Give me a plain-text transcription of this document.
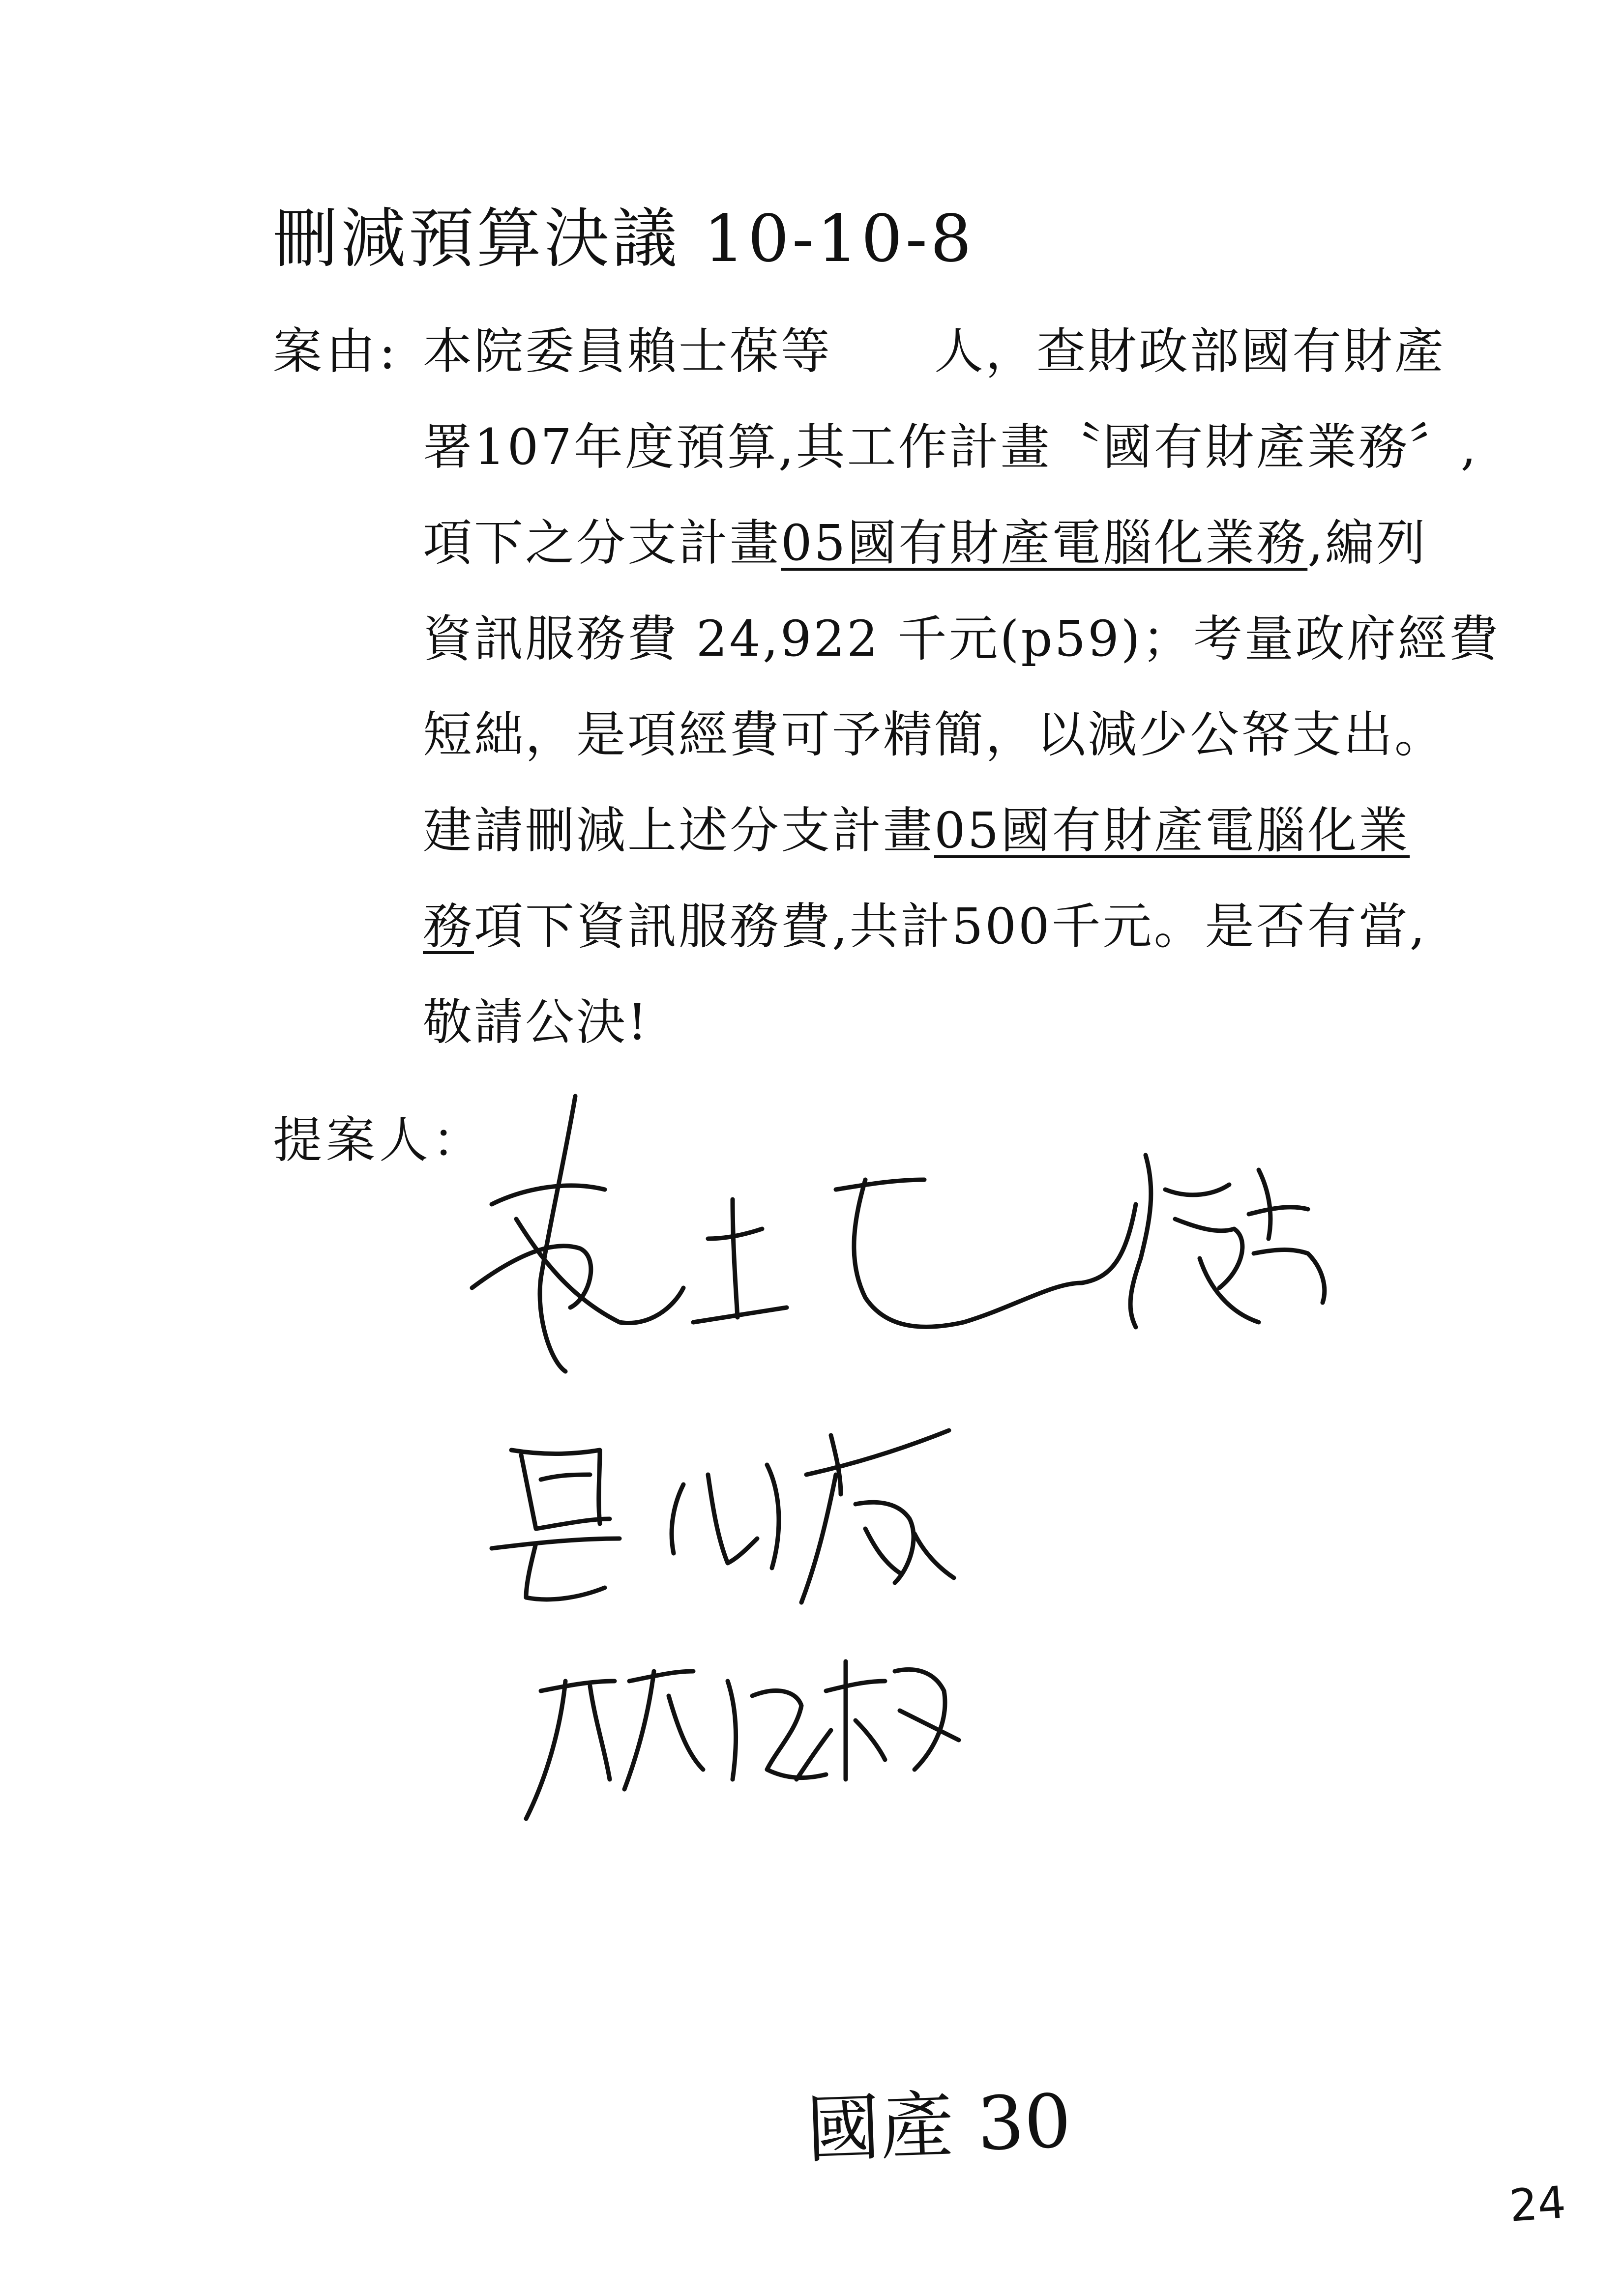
刪減預算決議 10-10-8
案由: 本院委員賴士葆等　　人，查財政部國有財產
署107年度預算,其工作計畫〝國有財產業務〞,
項下之分支計畫05國有財產電腦化業務,編列
資訊服務費 24,922 千元(p59)；考量政府經費
短絀，是項經費可予精簡，以減少公帑支出。
建請刪減上述分支計畫05國有財產電腦化業
務項下資訊服務費,共計500千元。是否有當,
敬請公決!
提案人：
國產 30
24
